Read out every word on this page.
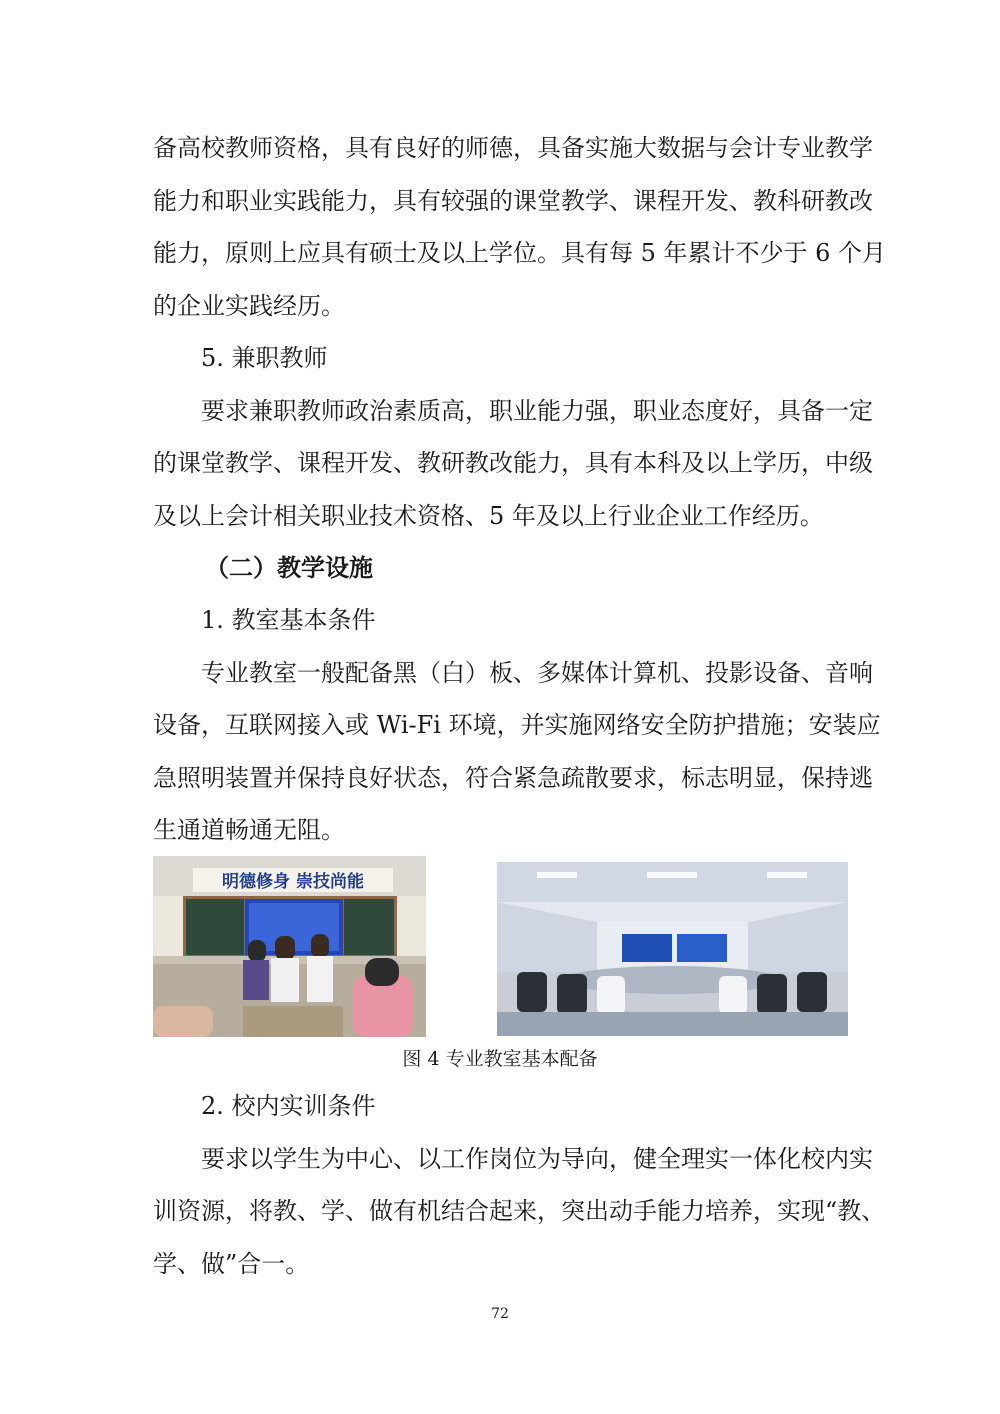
备高校教师资格，具有良好的师德，具备实施大数据与会计专业教学
能力和职业实践能力，具有较强的课堂教学、课程开发、教科研教改
能力，原则上应具有硕士及以上学位。具有每 5 年累计不少于 6 个月
的企业实践经历。
5. 兼职教师
要求兼职教师政治素质高，职业能力强，职业态度好，具备一定
的课堂教学、课程开发、教研教改能力，具有本科及以上学历，中级
及以上会计相关职业技术资格、5 年及以上行业企业工作经历。
（二）教学设施
1. 教室基本条件
专业教室一般配备黑（白）板、多媒体计算机、投影设备、音响
设备，互联网接入或 Wi-Fi 环境，并实施网络安全防护措施；安装应
急照明装置并保持良好状态，符合紧急疏散要求，标志明显，保持逃
生通道畅通无阻。
明德修身 崇技尚能
图 4 专业教室基本配备
2. 校内实训条件
要求以学生为中心、以工作岗位为导向，健全理实一体化校内实
训资源，将教、学、做有机结合起来，突出动手能力培养，实现“教、
学、做”合一。
72
